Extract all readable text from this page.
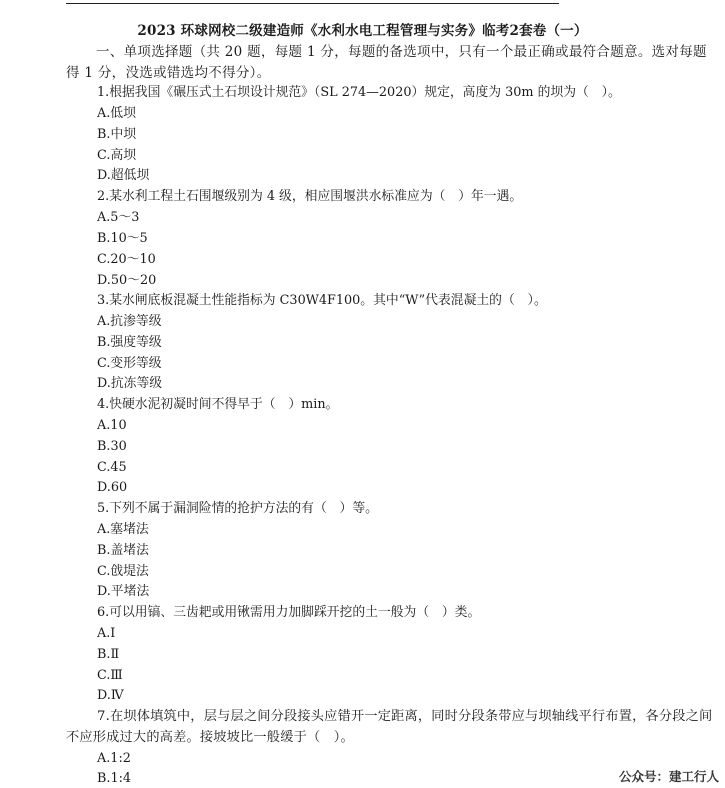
2023 环球网校二级建造师《水利水电工程管理与实务》临考2套卷（一）
一、单项选择题（共 20 题，每题 1 分，每题的备选项中，只有一个最正确或最符合题意。选对每题得 1 分，没选或错选均不得分）。
1.根据我国《碾压式土石坝设计规范》（SL 274—2020）规定，高度为 30m 的坝为（　）。
A.低坝
B.中坝
C.高坝
D.超低坝
2.某水利工程土石围堰级别为 4 级，相应围堰洪水标准应为（　）年一遇。
A.5～3
B.10～5
C.20～10
D.50～20
3.某水闸底板混凝土性能指标为 C30W4F100。其中“W”代表混凝土的（　）。
A.抗渗等级
B.强度等级
C.变形等级
D.抗冻等级
4.快硬水泥初凝时间不得早于（　）min。
A.10
B.30
C.45
D.60
5.下列不属于漏洞险情的抢护方法的有（　）等。
A.塞堵法
B.盖堵法
C.戗堤法
D.平堵法
6.可以用镐、三齿耙或用锹需用力加脚踩开挖的土一般为（　）类。
A.Ⅰ
B.Ⅱ
C.Ⅲ
D.Ⅳ
7.在坝体填筑中，层与层之间分段接头应错开一定距离，同时分段条带应与坝轴线平行布置，各分段之间不应形成过大的高差。接坡坡比一般缓于（　）。
A.1:2
B.1:4	公众号：建工行人
